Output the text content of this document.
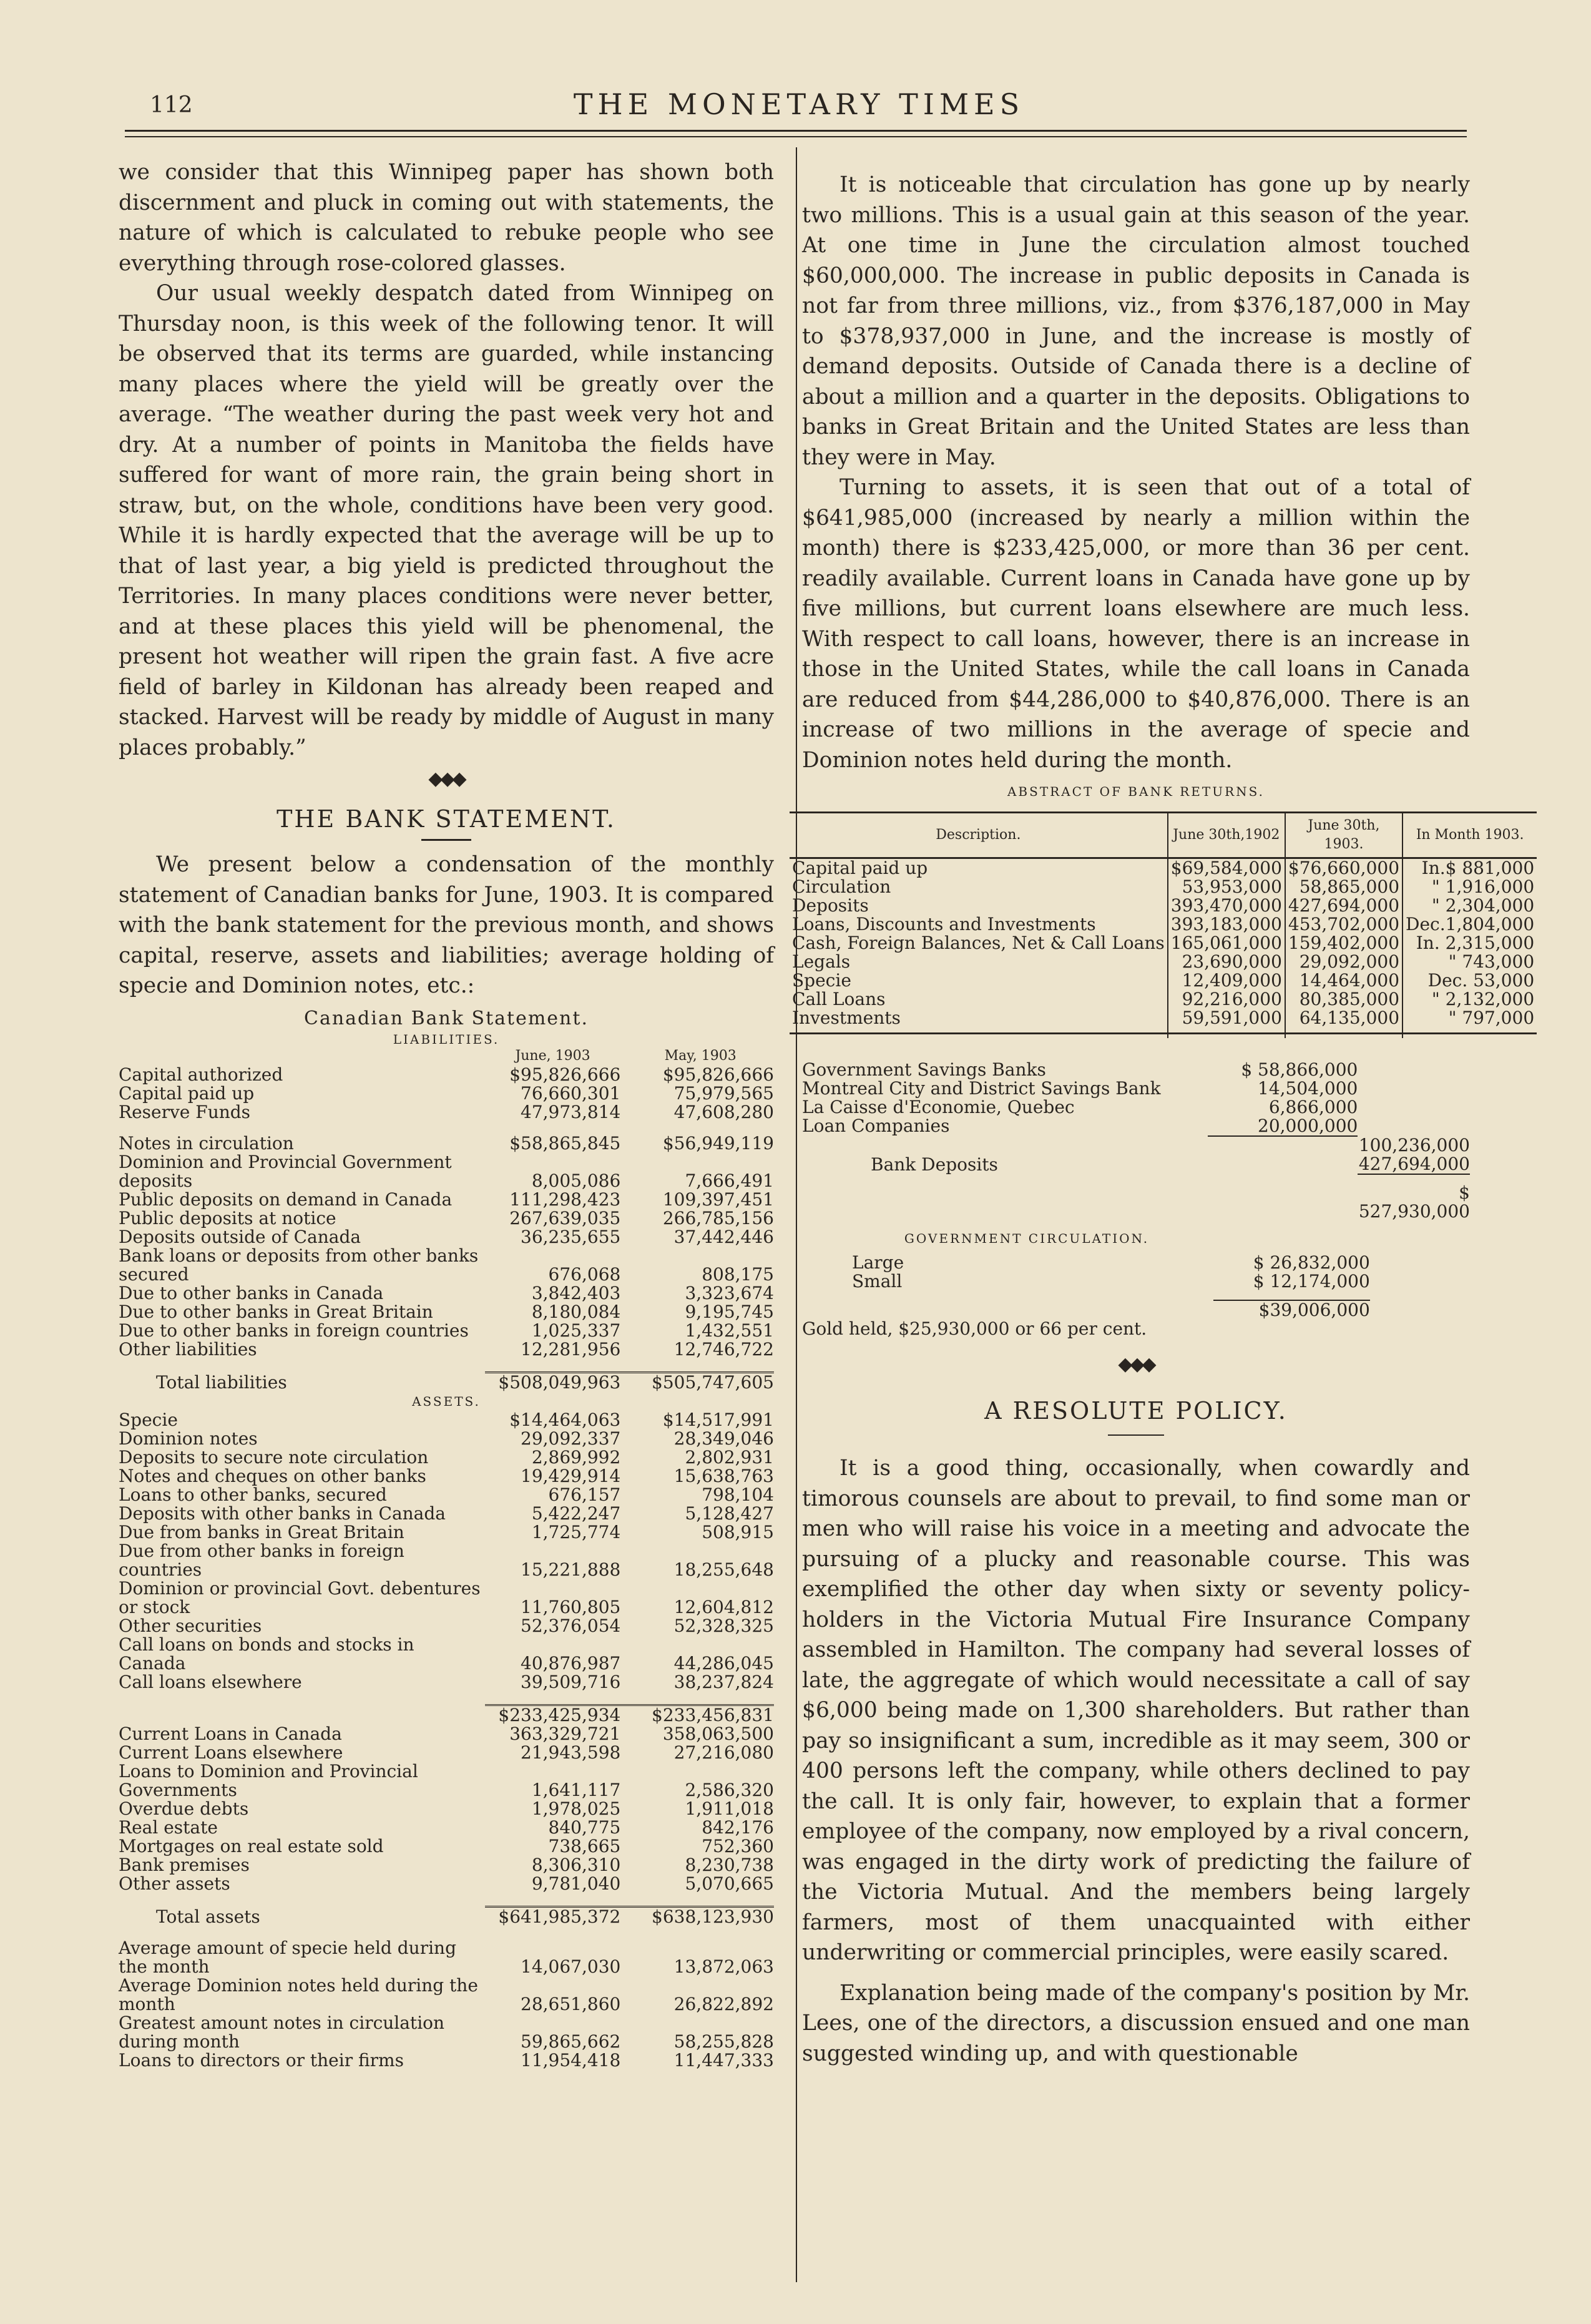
112	THE MONETARY TIMES

we consider that this Winnipeg paper has shown both discernment and pluck in coming out with statements, the nature of which is calculated to rebuke people who see everything through rose-colored glasses.

Our usual weekly despatch dated from Winnipeg on Thursday noon, is this week of the following tenor. It will be observed that its terms are guarded, while instancing many places where the yield will be greatly over the average. “The weather during the past week very hot and dry. At a number of points in Manitoba the fields have suffered for want of more rain, the grain being short in straw, but, on the whole, conditions have been very good. While it is hardly expected that the average will be up to that of last year, a big yield is predicted throughout the Territories. In many places conditions were never better, and at these places this yield will be phenomenal, the present hot weather will ripen the grain fast. A five acre field of barley in Kildonan has already been reaped and stacked. Harvest will be ready by middle of August in many places probably.”

◆◆◆
THE BANK STATEMENT.

We present below a condensation of the monthly statement of Canadian banks for June, 1903. It is compared with the bank statement for the previous month, and shows capital, reserve, assets and liabilities; average holding of specie and Dominion notes, etc.:

Canadian Bank Statement.
LIABILITIES.
	June, 1903	May, 1903
Capital authorized	$95,826,666	$95,826,666
Capital paid up	76,660,301	75,979,565
Reserve Funds	47,973,814	47,608,280

Notes in circulation	$58,865,845	$56,949,119
Dominion and Provincial Government deposits	8,005,086	7,666,491
Public deposits on demand in Canada	111,298,423	109,397,451
Public deposits at notice	267,639,035	266,785,156
Deposits outside of Canada	36,235,655	37,442,446
Bank loans or deposits from other banks secured	676,068	808,175
Due to other banks in Canada	3,842,403	3,323,674
Due to other banks in Great Britain	8,180,084	9,195,745
Due to other banks in foreign countries	1,025,337	1,432,551
Other liabilities	12,281,956	12,746,722

Total liabilities	$508,049,963	$505,747,605
ASSETS.		
Specie	$14,464,063	$14,517,991
Dominion notes	29,092,337	28,349,046
Deposits to secure note circulation	2,869,992	2,802,931
Notes and cheques on other banks	19,429,914	15,638,763
Loans to other banks, secured	676,157	798,104
Deposits with other banks in Canada	5,422,247	5,128,427
Due from banks in Great Britain	1,725,774	508,915
Due from other banks in foreign countries	15,221,888	18,255,648
Dominion or provincial Govt. debentures or stock	11,760,805	12,604,812
Other securities	52,376,054	52,328,325
Call loans on bonds and stocks in Canada	40,876,987	44,286,045
Call loans elsewhere	39,509,716	38,237,824

	$233,425,934	$233,456,831
Current Loans in Canada	363,329,721	358,063,500
Current Loans elsewhere	21,943,598	27,216,080
Loans to Dominion and Provincial Governments	1,641,117	2,586,320
Overdue debts	1,978,025	1,911,018
Real estate	840,775	842,176
Mortgages on real estate sold	738,665	752,360
Bank premises	8,306,310	8,230,738
Other assets	9,781,040	5,070,665

Total assets	$641,985,372	$638,123,930

Average amount of specie held during the month	14,067,030	13,872,063
Average Dominion notes held during the month	28,651,860	26,822,892
Greatest amount notes in circulation during month	59,865,662	58,255,828
Loans to directors or their firms	11,954,418	11,447,333

It is noticeable that circulation has gone up by nearly two millions. This is a usual gain at this season of the year. At one time in June the circulation almost touched $60,000,000. The increase in public deposits in Canada is not far from three millions, viz., from $376,187,000 in May to $378,937,000 in June, and the increase is mostly of demand deposits. Outside of Canada there is a decline of about a million and a quarter in the deposits. Obligations to banks in Great Britain and the United States are less than they were in May.

Turning to assets, it is seen that out of a total of $641,985,000 (increased by nearly a million within the month) there is $233,425,000, or more than 36 per cent. readily available. Current loans in Canada have gone up by five millions, but current loans elsewhere are much less. With respect to call loans, however, there is an increase in those in the United States, while the call loans in Canada are reduced from $44,286,000 to $40,876,000. There is an increase of two millions in the average of specie and Dominion notes held during the month.

ABSTRACT OF BANK RETURNS.
Description.	June 30th,1902	June 30th, 1903.	In Month 1903.
Capital paid up	$69,584,000	$76,660,000	In.$ 881,000
Circulation	53,953,000	58,865,000	" 1,916,000
Deposits	393,470,000	427,694,000	" 2,304,000
Loans, Discounts and Investments	393,183,000	453,702,000	Dec.1,804,000
Cash, Foreign Balances, Net & Call Loans	165,061,000	159,402,000	In. 2,315,000
Legals	23,690,000	29,092,000	" 743,000
Specie	12,409,000	14,464,000	Dec. 53,000
Call Loans	92,216,000	80,385,000	" 2,132,000
Investments	59,591,000	64,135,000	" 797,000

Government Savings Banks	$ 58,866,000	
Montreal City and District Savings Bank	14,504,000	
La Caisse d'Economie, Quebec	6,866,000	
Loan Companies	20,000,000	

		100,236,000
Bank Deposits		427,694,000

		$ 527,930,000
GOVERNMENT CIRCULATION.
Large	$ 26,832,000	
Small	$ 12,174,000	

	$39,006,000	
Gold held, $25,930,000 or 66 per cent.
◆◆◆
A RESOLUTE POLICY.

It is a good thing, occasionally, when cowardly and timorous counsels are about to prevail, to find some man or men who will raise his voice in a meeting and advocate the pursuing of a plucky and reasonable course. This was exemplified the other day when sixty or seventy policy-holders in the Victoria Mutual Fire Insurance Company assembled in Hamilton. The company had several losses of late, the aggregate of which would necessitate a call of say $6,000 being made on 1,300 shareholders. But rather than pay so insignificant a sum, incredible as it may seem, 300 or 400 persons left the company, while others declined to pay the call. It is only fair, however, to explain that a former employee of the company, now employed by a rival concern, was engaged in the dirty work of predicting the failure of the Victoria Mutual. And the members being largely farmers, most of them unacquainted with either underwriting or commercial principles, were easily scared.

Explanation being made of the company's position by Mr. Lees, one of the directors, a discussion ensued and one man suggested winding up, and with questionable
